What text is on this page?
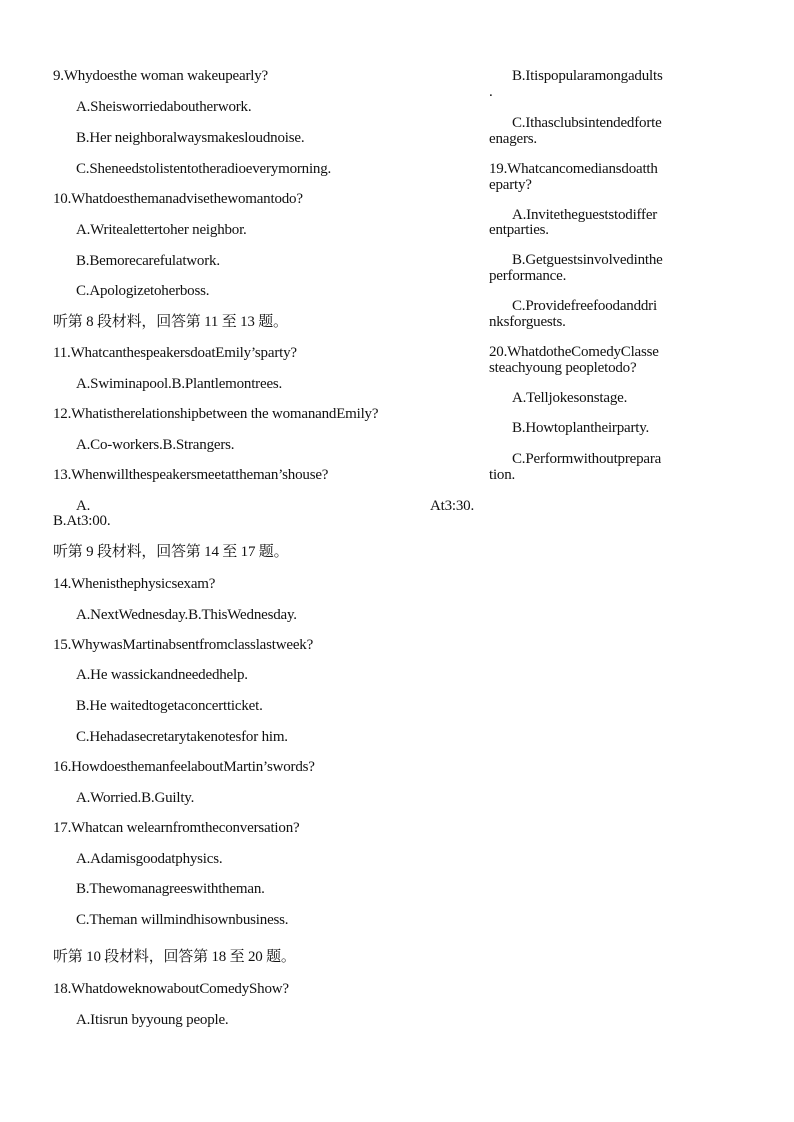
9.Whydoesthe woman wakeupearly?
A.Sheisworriedaboutherwork.
B.Her neighboralwaysmakesloudnoise.
C.Sheneedstolistentotheradioeverymorning.
10.Whatdoesthemanadvisethewomantodo?
A.Writealettertoher neighbor.
B.Bemorecarefulatwork.
C.Apologizetoherboss.
听第 8 段材料，回答第 11 至 13 题。
11.WhatcanthespeakersdoatEmily’sparty?
A.Swiminapool.B.Plantlemontrees.
12.Whatistherelationshipbetween the womanandEmily?
A.Co-workers.B.Strangers.
13.Whenwillthespeakersmeetattheman’shouse?
A.	At3:30.
B.At3:00.
听第 9 段材料，回答第 14 至 17 题。
14.Whenisthephysicsexam?
A.NextWednesday.B.ThisWednesday.
15.WhywasMartinabsentfromclasslastweek?
A.He wassickandneededhelp.
B.He waitedtogetaconcertticket.
C.Hehadasecretarytakenotesfor him.
16.HowdoesthemanfeelaboutMartin’swords?
A.Worried.B.Guilty.
17.Whatcan welearnfromtheconversation?
A.Adamisgoodatphysics.
B.Thewomanagreeswiththeman.
C.Theman willmindhisownbusiness.
听第 10 段材料，回答第 18 至 20 题。
18.WhatdoweknowaboutComedyShow?
A.Itisrun byyoung people.
B.Itispopularamongadults
.
C.Ithasclubsintendedforte
enagers.
19.Whatcancomediansdoatth
eparty?
A.Invitethegueststodiffer
entparties.
B.Getguestsinvolvedinthe
performance.
C.Providefreefoodanddri
nksforguests.
20.WhatdotheComedyClasse
steachyoung peopletodo?
A.Telljokesonstage.
B.Howtoplantheirparty.
C.Performwithoutprepara
tion.
